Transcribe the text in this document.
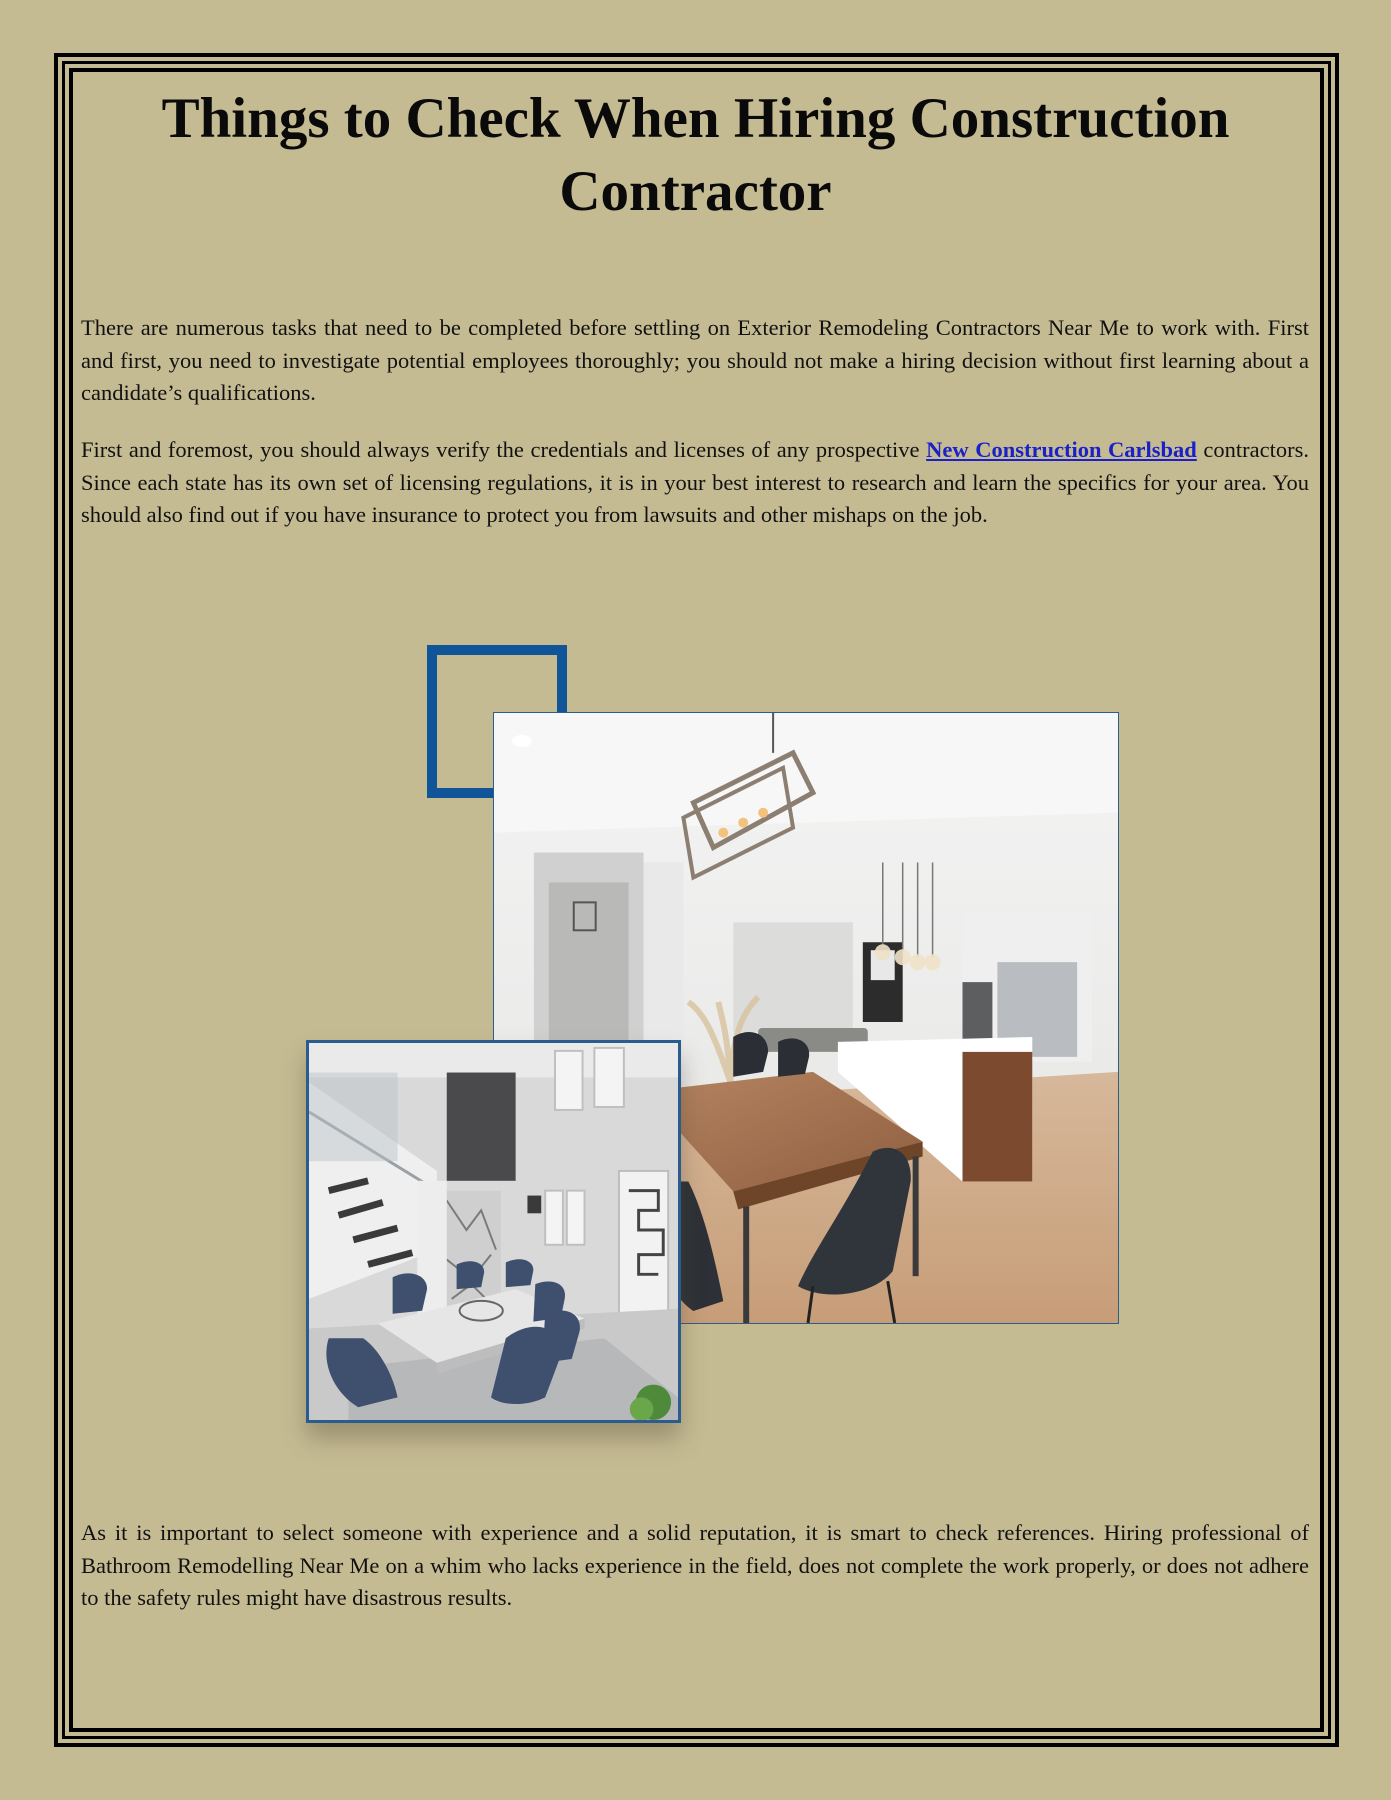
Things to Check When Hiring Construction Contractor

There are numerous tasks that need to be completed before settling on Exterior Remodeling Contractors Near Me to work with. First and first, you need to investigate potential employees thoroughly; you should not make a hiring decision without first learning about a candidate’s qualifications.

First and foremost, you should always verify the credentials and licenses of any prospective New Construction Carlsbad contractors. Since each state has its own set of licensing regulations, it is in your best interest to research and learn the specifics for your area. You should also find out if you have insurance to protect you from lawsuits and other mishaps on the job.

As it is important to select someone with experience and a solid reputation, it is smart to check references. Hiring professional of Bathroom Remodelling Near Me on a whim who lacks experience in the field, does not complete the work properly, or does not adhere to the safety rules might have disastrous results.
